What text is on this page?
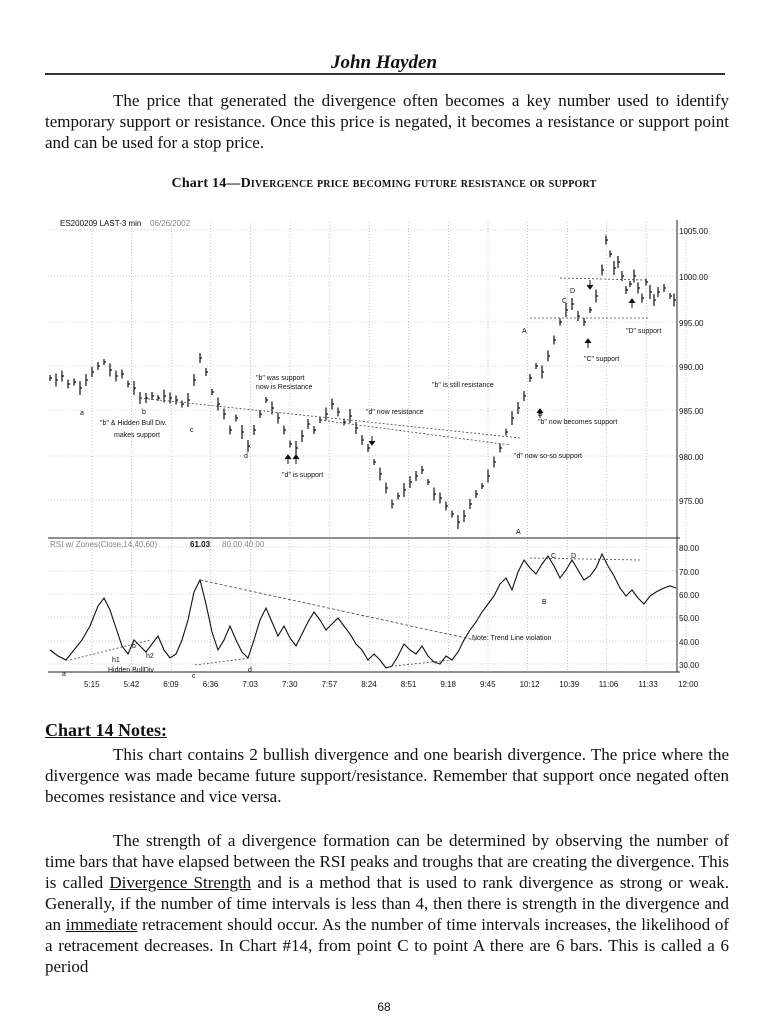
John Hayden
The price that generated the divergence often becomes a key number used to identify temporary support or resistance. Once this price is negated, it becomes a resistance or support point and can be used for a stop price.
Chart 14—Divergence price becoming future resistance or support
ES200209 LAST-3 min 06/26/2002
RSI w/ Zones(Close,14,40,60)	61.03 80.00 40.00
1005.00
1000.00
995.00
990.00
985.00
980.00
975.00
80.00
70.00
60.00
50.00
40.00
30.00
5:15	5:42	6:09	6:36	7:03	7:30	7:57	8:24	8:51	9:18	9:45	10:12 10:39 11:06	11:33	12:00
"b" was support
now is Resistance	"b" is still resistance
"d" now resistance
"b" & Hidden Bull Div.
makes support
"d" is support
"b" now becomes support
"d" now so-so support
"C" support
"D" support
a	b
c
d
A
B
C
D
A
B
C D
Note: Trend Line violation
h1
h2
Hidden BullDiv
b
a	c
d
Chart 14 Notes:
This chart contains 2 bullish divergence and one bearish divergence. The price where the divergence was made became future support/resistance. Remember that support once negated often becomes resistance and vice versa.
The strength of a divergence formation can be determined by observing the number of time bars that have elapsed between the RSI peaks and troughs that are creating the divergence. This is called Divergence Strength and is a method that is used to rank divergence as strong or weak. Generally, if the number of time intervals is less than 4, then there is strength in the divergence and an immediate retracement should occur. As the number of time intervals increases, the likelihood of a retracement decreases. In Chart #14, from point C to point A there are 6 bars. This is called a 6 period
68
